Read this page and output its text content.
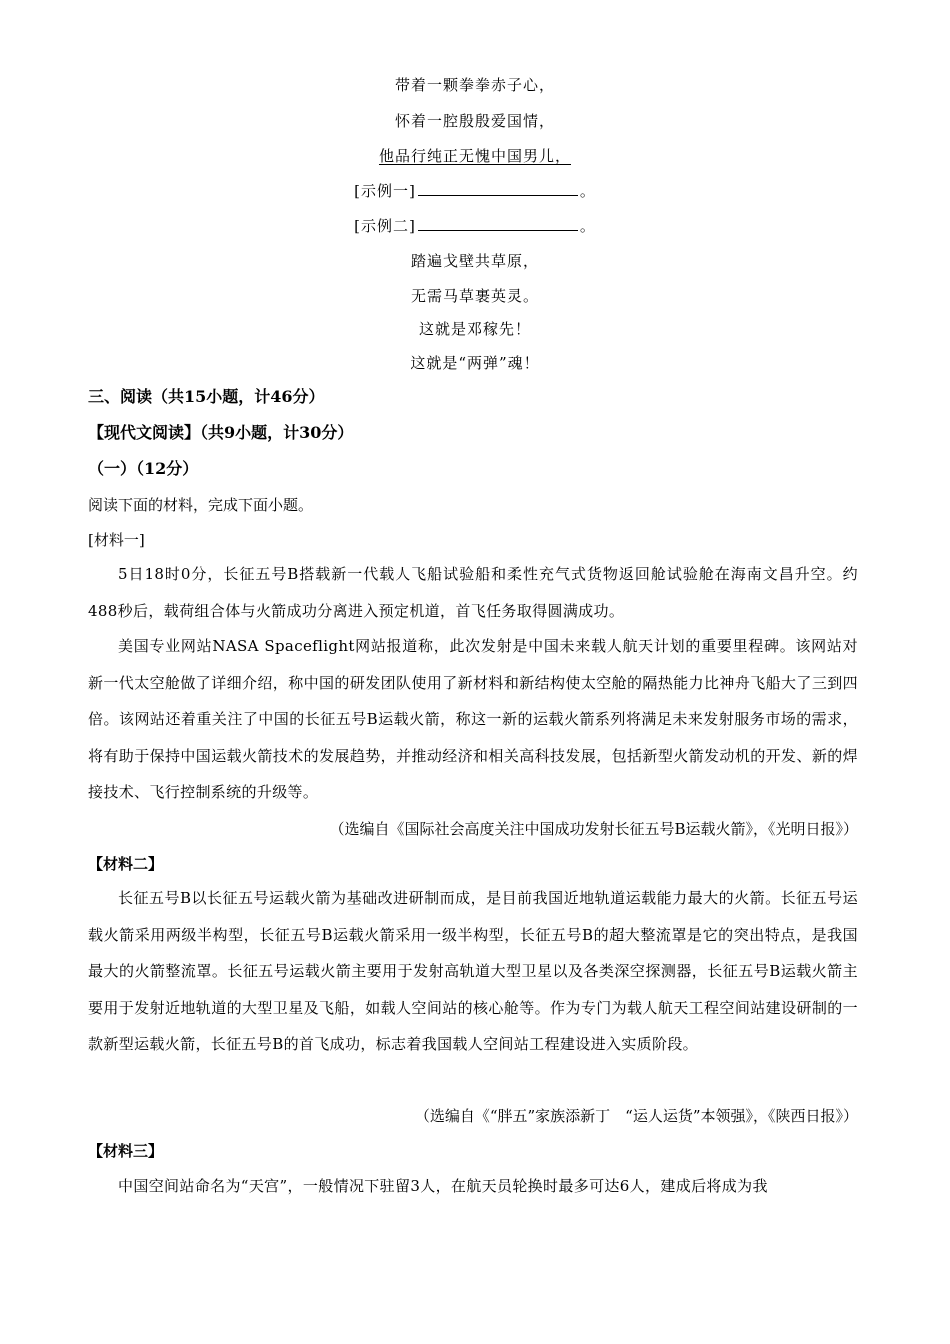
带着一颗拳拳赤子心，
怀着一腔殷殷爱国情，
他品行纯正无愧中国男儿，
[示例一]	。
[示例二]	。
踏遍戈壁共草原，
无需马草裹英灵。
这就是邓稼先！
这就是“两弹”魂！
三、阅读（共15小题，计46分）
【现代文阅读】（共9小题，计30分）
（一）（12分）
阅读下面的材料，完成下面小题。
[材料一]
5日18时0分，长征五号B搭载新一代载人飞船试验船和柔性充气式货物返回舱试验舱在海南文昌升空。约488秒后，载荷组合体与火箭成功分离进入预定机道，首飞任务取得圆满成功。
美国专业网站NASA Spaceflight网站报道称，此次发射是中国未来载人航天计划的重要里程碑。该网站对新一代太空舱做了详细介绍，称中国的研发团队使用了新材料和新结构使太空舱的隔热能力比神舟飞船大了三到四倍。该网站还着重关注了中国的长征五号B运载火箭，称这一新的运载火箭系列将满足未来发射服务市场的需求，将有助于保持中国运载火箭技术的发展趋势，并推动经济和相关高科技发展，包括新型火箭发动机的开发、新的焊接技术、飞行控制系统的升级等。
（选编自《国际社会高度关注中国成功发射长征五号B运载火箭》，《光明日报》）
【材料二】
长征五号B以长征五号运载火箭为基础改进研制而成，是目前我国近地轨道运载能力最大的火箭。长征五号运载火箭采用两级半构型，长征五号B运载火箭采用一级半构型，长征五号B的超大整流罩是它的突出特点，是我国最大的火箭整流罩。长征五号运载火箭主要用于发射高轨道大型卫星以及各类深空探测器，长征五号B运载火箭主要用于发射近地轨道的大型卫星及飞船，如载人空间站的核心舱等。作为专门为载人航天工程空间站建设研制的一款新型运载火箭，长征五号B的首飞成功，标志着我国载人空间站工程建设进入实质阶段。
（选编自《“胖五”家族添新丁　“运人运货”本领强》，《陕西日报》）
【材料三】
中国空间站命名为“天宫”，一般情况下驻留3人，在航天员轮换时最多可达6人，建成后将成为我
